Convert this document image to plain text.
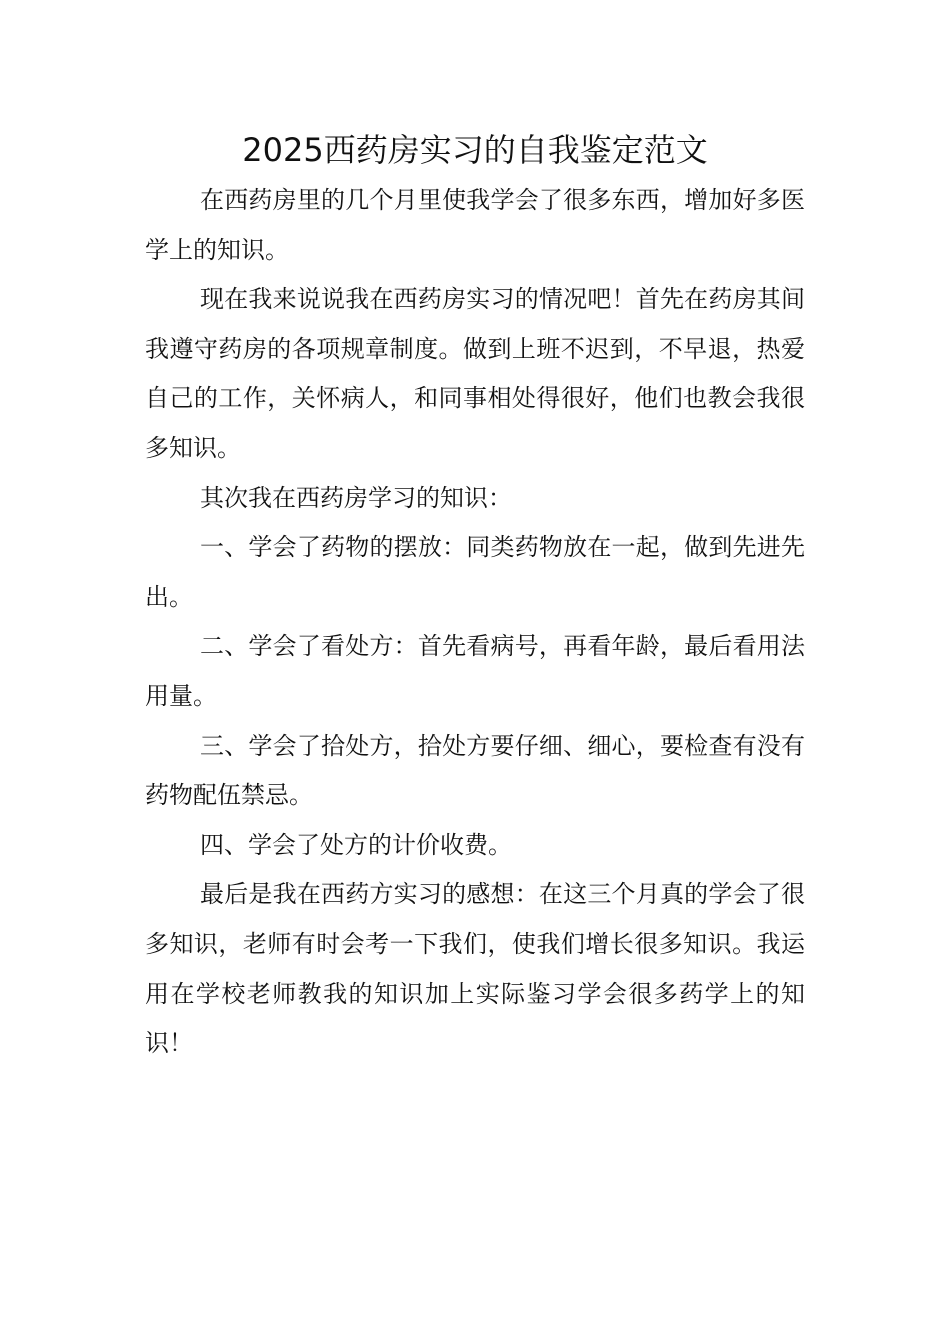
2025西药房实习的自我鉴定范文

在西药房里的几个月里使我学会了很多东西，增加好多医学上的知识。

现在我来说说我在西药房实习的情况吧！首先在药房其间我遵守药房的各项规章制度。做到上班不迟到，不早退，热爱自己的工作，关怀病人，和同事相处得很好，他们也教会我很多知识。

其次我在西药房学习的知识：

一、学会了药物的摆放：同类药物放在一起，做到先进先出。

二、学会了看处方：首先看病号，再看年龄，最后看用法用量。

三、学会了拾处方，拾处方要仔细、细心，要检查有没有药物配伍禁忌。

四、学会了处方的计价收费。

最后是我在西药方实习的感想：在这三个月真的学会了很多知识，老师有时会考一下我们，使我们增长很多知识。我运用在学校老师教我的知识加上实际鉴习学会很多药学上的知识！
